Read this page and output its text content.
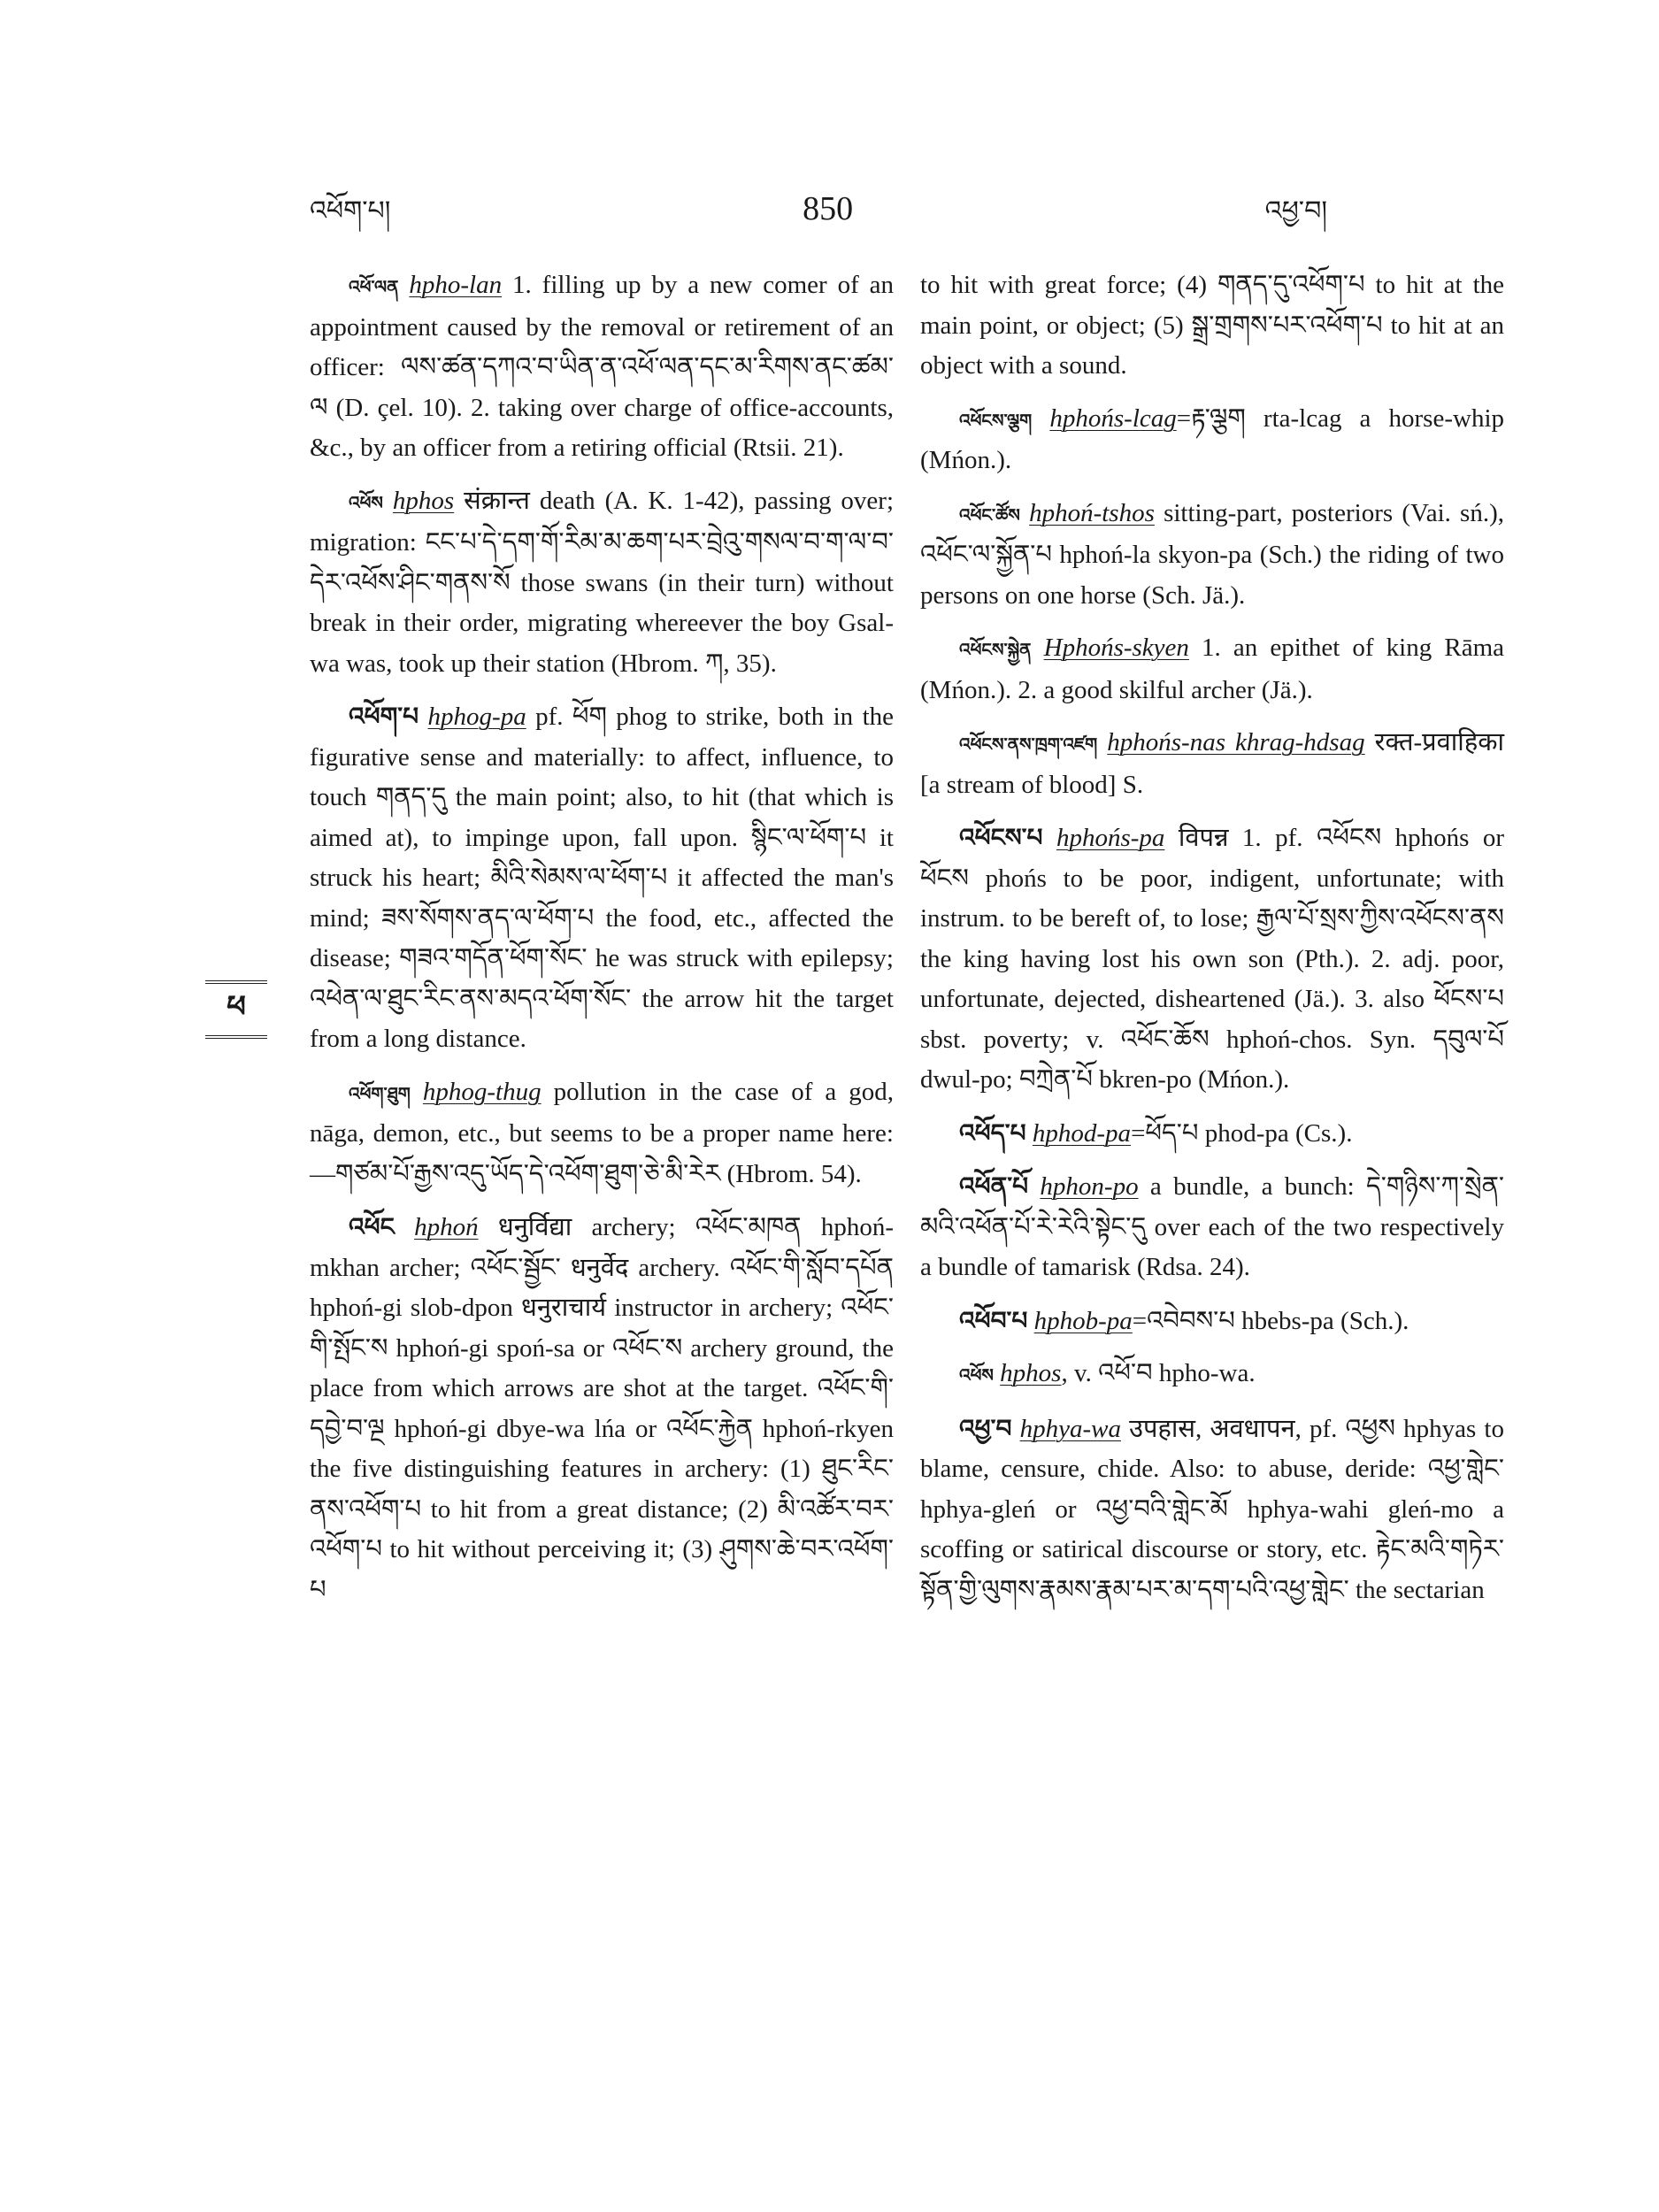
འཕོག་པ།	850	འཕྱ་བ།
ཕ

འཕོ་ལན hpho-lan 1. filling up by a new comer of an appointment caused by the removal or retirement of an officer: ལས་ཚན་དཀའ་བ་ཡིན་ན་འཕོ་ལན་དང་མ་རིགས་ནང་ཚམ་ལ (D. çel. 10). 2. taking over charge of office-accounts, &c., by an officer from a retiring official (Rtsii. 21).

འཕོས hphos संक्रान्त death (A. K. 1-42), passing over; migration: ངང་པ་དེ་དག་གོ་རིམ་མ་ཆག་པར་བྲེའུ་གསལ་བ་ག་ལ་བ་དེར་འཕོས་ཤིང་གནས་སོ those swans (in their turn) without break in their order, migrating whereever the boy Gsal-wa was, took up their station (Hbrom. ཀ, 35).

འཕོག་པ hphog-pa pf. ཕོག phog to strike, both in the figurative sense and materially: to affect, influence, to touch གནད་དུ the main point; also, to hit (that which is aimed at), to impinge upon, fall upon. སྙིང་ལ་ཕོག་པ it struck his heart; མིའི་སེམས་ལ་ཕོག་པ it affected the man's mind; ཟས་སོགས་ནད་ལ་ཕོག་པ the food, etc., affected the disease; གཟའ་གདོན་ཕོག་སོང་ he was struck with epilepsy; འཕེན་ལ་ཐུང་རིང་ནས་མདའ་ཕོག་སོང་ the arrow hit the target from a long distance.

འཕོག་ཐུག hphog-thug pollution in the case of a god, nāga, demon, etc., but seems to be a proper name here:—གཙམ་པོ་རྒྱས་འདུ་ཡོད་དེ་འཕོག་ཐུག་ཅེ་མི་རེར (Hbrom. 54).

འཕོང hphoń धनुर्विद्या archery; འཕོང་མཁན hphoń-mkhan archer; འཕོང་སྦྱོང་ धनुर्वेद archery. འཕོང་གི་སློབ་དཔོན hphoń-gi slob-dpon धनुराचार्य instructor in archery; འཕོང་གི་སྤོང་ས hphoń-gi spoń-sa or འཕོང་ས archery ground, the place from which arrows are shot at the target. འཕོང་གི་དབྱེ་བ་ལྔ hphoń-gi dbye-wa lńa or འཕོང་རྐྱེན hphoń-rkyen the five distinguishing features in archery: (1) ཐུང་རིང་ནས་འཕོག་པ to hit from a great distance; (2) མི་འཚོར་བར་འཕོག་པ to hit without perceiving it; (3) ཤུགས་ཆེ་བར་འཕོག་པ

to hit with great force; (4) གནད་དུ་འཕོག་པ to hit at the main point, or object; (5) སྒྲ་གྲགས་པར་འཕོག་པ to hit at an object with a sound.

འཕོངས་ལྕག hphońs-lcag=རྟ་ལྕག rta-lcag a horse-whip (Mńon.).

འཕོང་ཚོས hphoń-tshos sitting-part, posteriors (Vai. sń.), འཕོང་ལ་སྐྱོན་པ hphoń-la skyon-pa (Sch.) the riding of two persons on one horse (Sch. Jä.).

འཕོངས་སྐྱེན Hphońs-skyen 1. an epithet of king Rāma (Mńon.). 2. a good skilful archer (Jä.).

འཕོངས་ནས་ཁྲག་འཛག hphońs-nas khrag-hdsag रक्त-प्रवाहिका [a stream of blood] S.

འཕོངས་པ hphońs-pa विपन्न 1. pf. འཕོངས hphońs or ཕོངས phońs to be poor, indigent, unfortunate; with instrum. to be bereft of, to lose; རྒྱལ་པོ་སྲས་ཀྱིས་འཕོངས་ནས the king having lost his own son (Pth.). 2. adj. poor, unfortunate, dejected, disheartened (Jä.). 3. also ཕོངས་པ sbst. poverty; v. འཕོང་ཆོས hphoń-chos. Syn. དབུལ་པོ dwul-po; བཀྲེན་པོ bkren-po (Mńon.).

འཕོད་པ hphod-pa=ཕོད་པ phod-pa (Cs.).

འཕོན་པོ hphon-po a bundle, a bunch: དེ་གཉིས་ཀ་སྲེན་མའི་འཕོན་པོ་རེ་རེའི་སྟེང་དུ over each of the two respectively a bundle of tamarisk (Rdsa. 24).

འཕོབ་པ hphob-pa=འབེབས་པ hbebs-pa (Sch.).

འཕོས hphos, v. འཕོ་བ hpho-wa.

འཕྱ་བ hphya-wa उपहास, अवधापन, pf. འཕྱས hphyas to blame, censure, chide. Also: to abuse, deride: འཕྱ་གླེང་ hphya-gleń or འཕྱ་བའི་གླེང་མོ hphya-wahi gleń-mo a scoffing or satirical discourse or story, etc. རྟེང་མའི་གཏེར་སྟོན་གྱི་ལུགས་རྣམས་རྣམ་པར་མ་དག་པའི་འཕྱ་གླེང་ the sectarian
